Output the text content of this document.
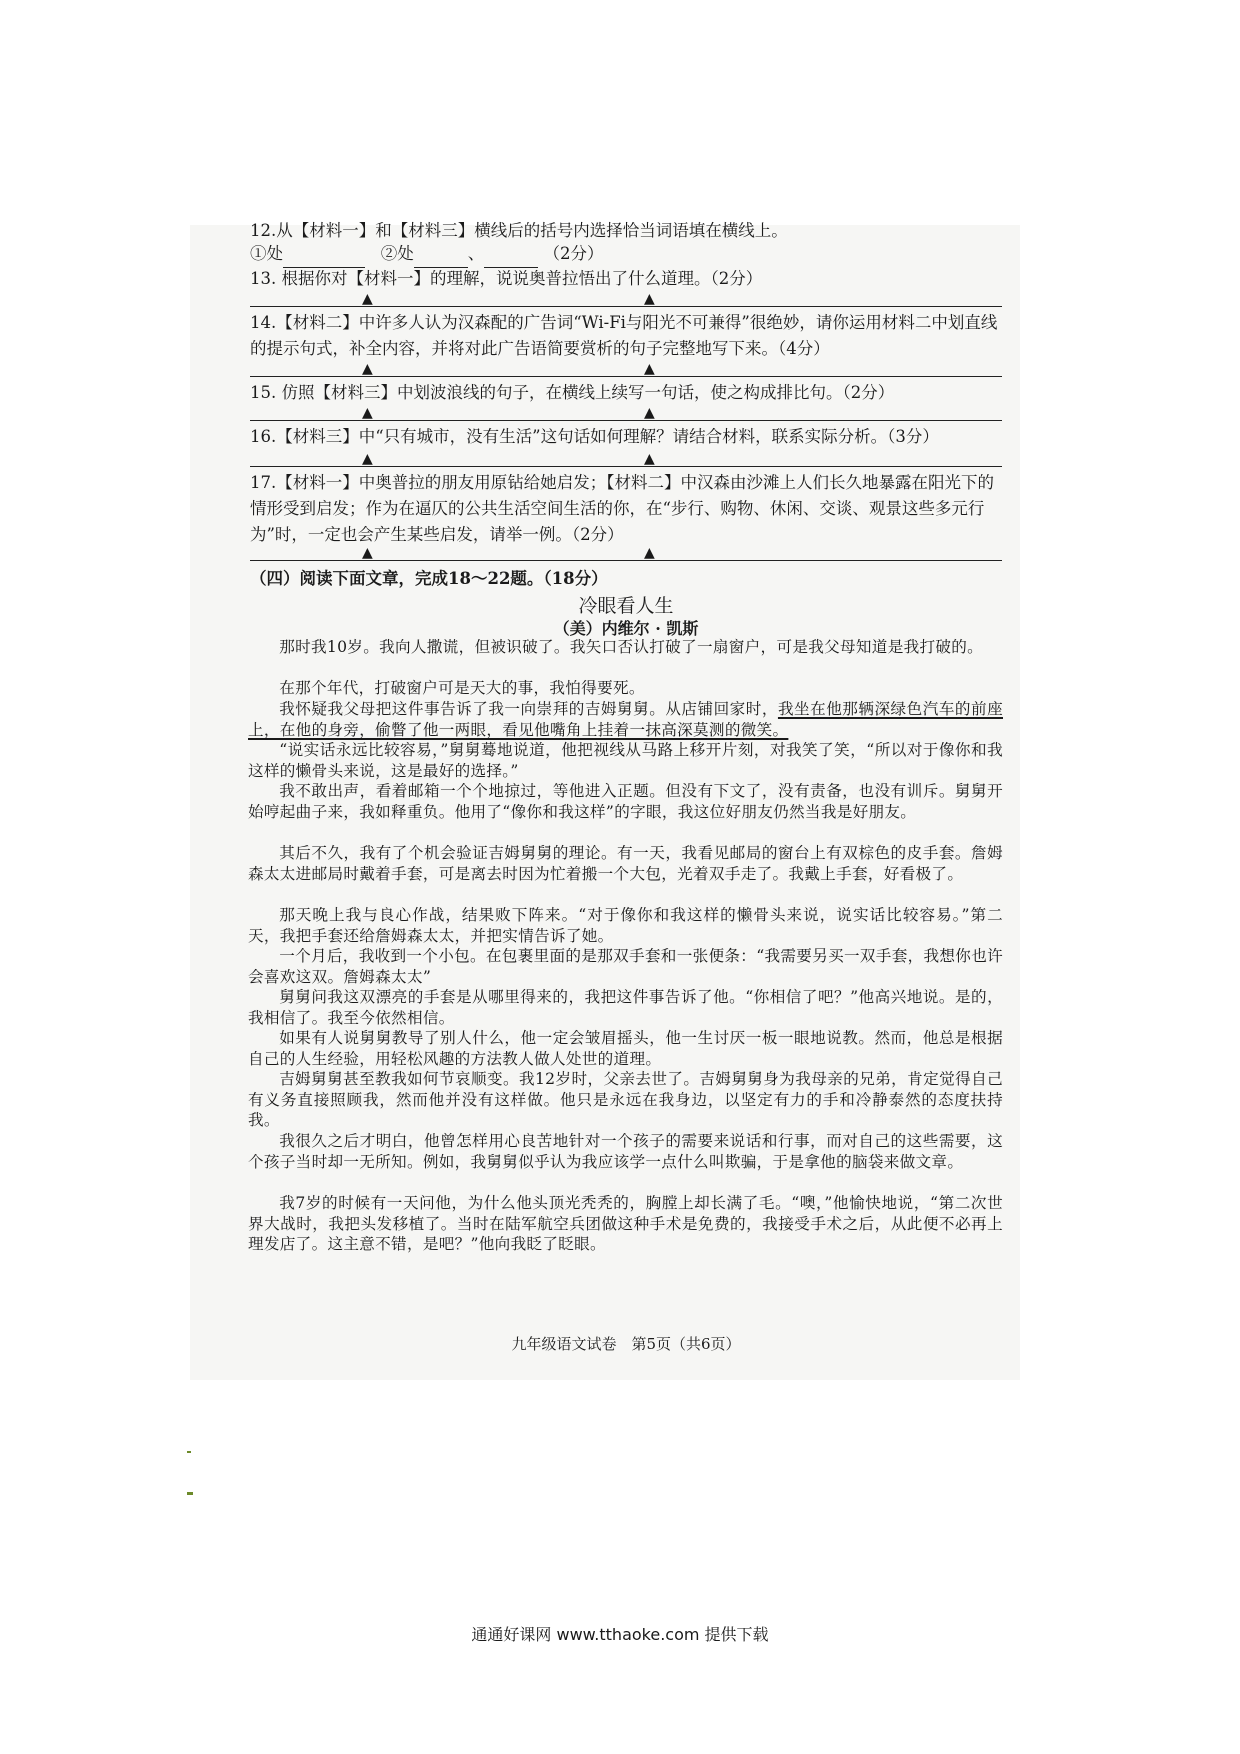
12.从【材料一】和【材料三】横线后的括号内选择恰当词语填在横线上。
①处	②处	、	（2分）
13. 根据你对【材料一】的理解，说说奥普拉悟出了什么道理。（2分）
▲	▲
14.【材料二】中许多人认为汉森配的广告词“Wi-Fi与阳光不可兼得”很绝妙，请你运用材料二中划直线的提示句式，补全内容，并将对此广告语简要赏析的句子完整地写下来。（4分）
▲	▲
15. 仿照【材料三】中划波浪线的句子，在横线上续写一句话，使之构成排比句。（2分）
▲	▲
16.【材料三】中“只有城市，没有生活”这句话如何理解？请结合材料，联系实际分析。（3分）
▲	▲
17.【材料一】中奥普拉的朋友用原钻给她启发；【材料二】中汉森由沙滩上人们长久地暴露在阳光下的情形受到启发；作为在逼仄的公共生活空间生活的你，在“步行、购物、休闲、交谈、观景这些多元行为”时，一定也会产生某些启发，请举一例。（2分）
▲	▲
（四）阅读下面文章，完成18～22题。（18分）
冷眼看人生
（美）内维尔 · 凯斯
那时我10岁。我向人撒谎，但被识破了。我矢口否认打破了一扇窗户，可是我父母知道是我打破的。
在那个年代，打破窗户可是天大的事，我怕得要死。
我怀疑我父母把这件事告诉了我一向崇拜的吉姆舅舅。从店铺回家时，我坐在他那辆深绿色汽车的前座上，在他的身旁，偷瞥了他一两眼，看见他嘴角上挂着一抹高深莫测的微笑。
“说实话永远比较容易，”舅舅蓦地说道，他把视线从马路上移开片刻，对我笑了笑，“所以对于像你和我这样的懒骨头来说，这是最好的选择。”
我不敢出声，看着邮箱一个个地掠过，等他进入正题。但没有下文了，没有责备，也没有训斥。舅舅开始哼起曲子来，我如释重负。他用了“像你和我这样”的字眼，我这位好朋友仍然当我是好朋友。
其后不久，我有了个机会验证吉姆舅舅的理论。有一天，我看见邮局的窗台上有双棕色的皮手套。詹姆森太太进邮局时戴着手套，可是离去时因为忙着搬一个大包，光着双手走了。我戴上手套，好看极了。
那天晚上我与良心作战，结果败下阵来。“对于像你和我这样的懒骨头来说，说实话比较容易。”第二天，我把手套还给詹姆森太太，并把实情告诉了她。
一个月后，我收到一个小包。在包裹里面的是那双手套和一张便条：“我需要另买一双手套，我想你也许会喜欢这双。詹姆森太太”
舅舅问我这双漂亮的手套是从哪里得来的，我把这件事告诉了他。“你相信了吧？”他高兴地说。是的，我相信了。我至今依然相信。
如果有人说舅舅教导了别人什么，他一定会皱眉摇头，他一生讨厌一板一眼地说教。然而，他总是根据自己的人生经验，用轻松风趣的方法教人做人处世的道理。
吉姆舅舅甚至教我如何节哀顺变。我12岁时，父亲去世了。吉姆舅舅身为我母亲的兄弟，肯定觉得自己有义务直接照顾我，然而他并没有这样做。他只是永远在我身边，以坚定有力的手和冷静泰然的态度扶持我。
我很久之后才明白，他曾怎样用心良苦地针对一个孩子的需要来说话和行事，而对自己的这些需要，这个孩子当时却一无所知。例如，我舅舅似乎认为我应该学一点什么叫欺骗，于是拿他的脑袋来做文章。
我7岁的时候有一天问他，为什么他头顶光秃秃的，胸膛上却长满了毛。“噢，”他愉快地说，“第二次世界大战时，我把头发移植了。当时在陆军航空兵团做这种手术是免费的，我接受手术之后，从此便不必再上理发店了。这主意不错，是吧？”他向我眨了眨眼。
九年级语文试卷　第5页（共6页）
通通好课网 www.tthaoke.com 提供下载
